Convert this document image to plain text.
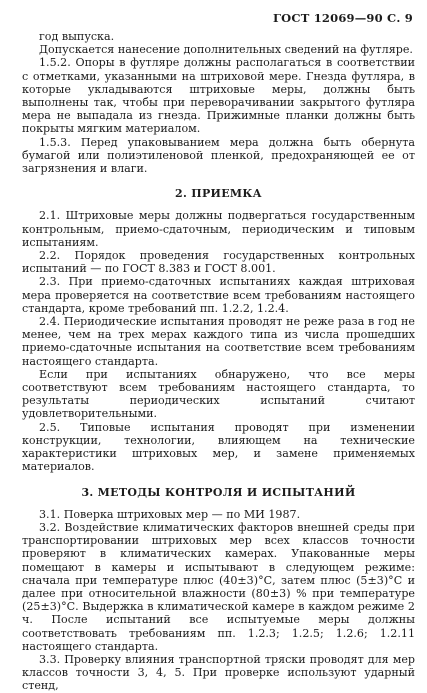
ГОСТ 12069—90 С. 9

год выпуска.

Допускается нанесение дополнительных сведений на футляре.

1.5.2. Опоры в футляре должны располагаться в соответствии с отметками, указанными на штриховой мере. Гнезда футляра, в которые укладываются штриховые меры, должны быть выполнены так, чтобы при переворачивании закрытого футляра мера не выпадала из гнезда. Прижимные планки должны быть покрыты мягким материалом.

1.5.3. Перед упаковыванием мера должна быть обернута бумагой или полиэтиленовой пленкой, предохраняющей ее от загрязнения и влаги.

2. ПРИЕМКА

2.1. Штриховые меры должны подвергаться государственным контрольным, приемо-сдаточным, периодическим и типовым испытаниям.

2.2. Порядок проведения государственных контрольных испытаний — по ГОСТ 8.383 и ГОСТ 8.001.

2.3. При приемо-сдаточных испытаниях каждая штриховая мера проверяется на соответствие всем требованиям настоящего стандарта, кроме требований пп. 1.2.2, 1.2.4.

2.4. Периодические испытания проводят не реже раза в год не менее, чем на трех мерах каждого типа из числа прошедших приемо-сдаточные испытания на соответствие всем требованиям настоящего стандарта.

Если при испытаниях обнаружено, что все меры соответствуют всем требованиям настоящего стандарта, то результаты периодических испытаний считают удовлетворительными.

2.5. Типовые испытания проводят при изменении конструкции, технологии, влияющем на технические характеристики штриховых мер, и замене применяемых материалов.

3. МЕТОДЫ КОНТРОЛЯ И ИСПЫТАНИЙ

3.1. Поверка штриховых мер — по МИ 1987.

3.2. Воздействие климатических факторов внешней среды при транспортировании штриховых мер всех классов точности проверяют в климатических камерах. Упакованные меры помещают в камеры и испытывают в следующем режиме: сначала при температуре плюс (40±3)°С, затем плюс (5±3)°С и далее при относительной влажности (80±3) % при температуре (25±3)°С. Выдержка в климатической камере в каждом режиме 2 ч. После испытаний все испытуемые меры должны соответствовать требованиям пп. 1.2.3; 1.2.5; 1.2.6; 1.2.11 настоящего стандарта.

3.3. Проверку влияния транспортной тряски проводят для мер классов точности 3, 4, 5. При проверке используют ударный стенд,
